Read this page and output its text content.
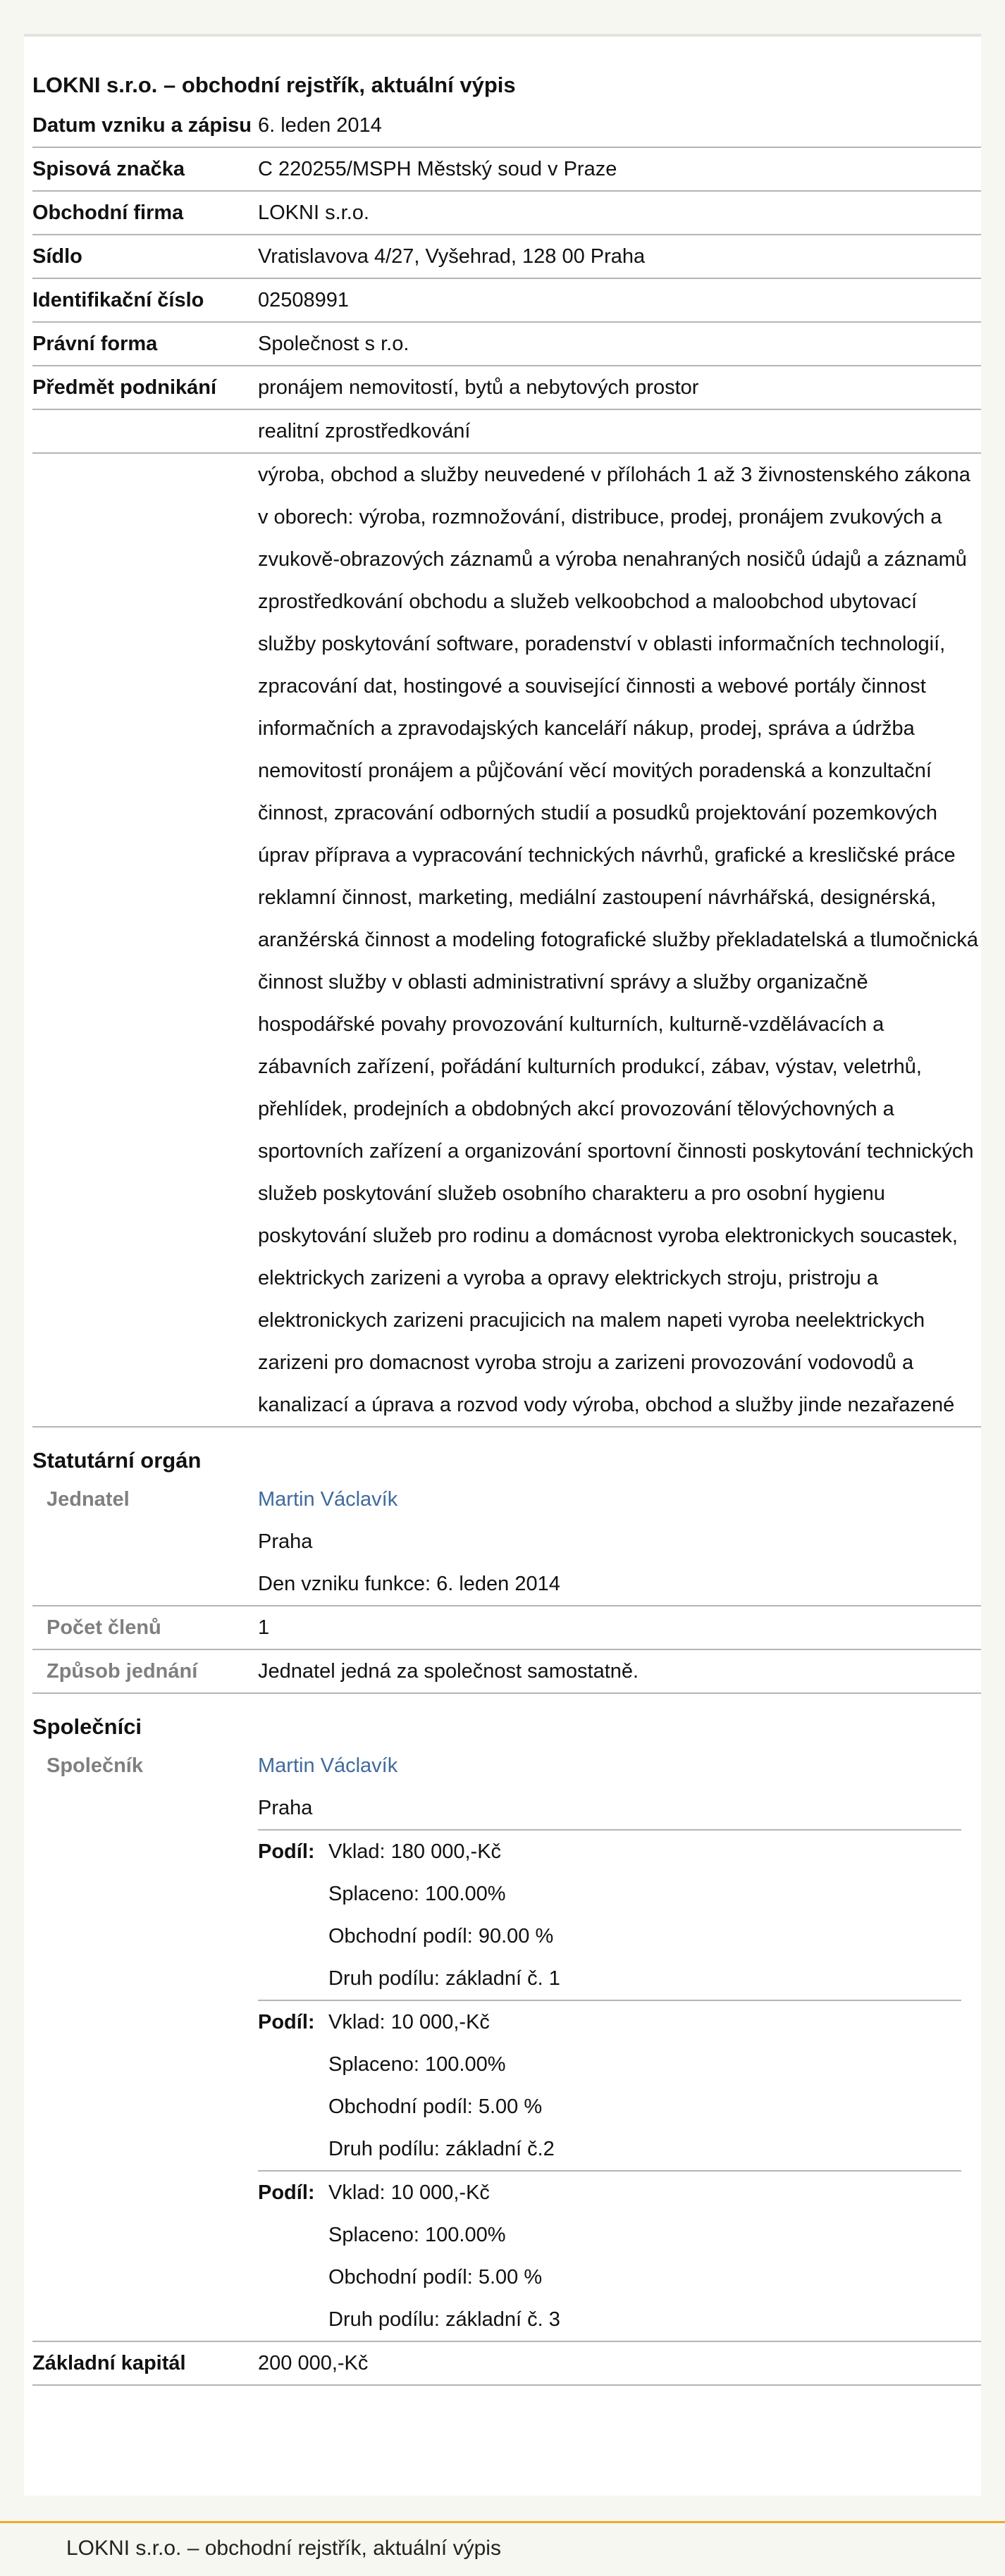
LOKNI s.r.o. – obchodní rejstřík, aktuální výpis
Datum vzniku a zápisu 6. leden 2014
Spisová značka	C 220255/MSPH Městský soud v Praze
Obchodní firma	LOKNI s.r.o.
Sídlo	Vratislavova 4/27, Vyšehrad, 128 00 Praha
Identifikační číslo	02508991
Právní forma	Společnost s r.o.
Předmět podnikání	pronájem nemovitostí, bytů a nebytových prostor
realitní zprostředkování
výroba, obchod a služby neuvedené v přílohách 1 až 3 živnostenského zákona v oborech: výroba, rozmnožování, distribuce, prodej, pronájem zvukových a zvukově-obrazových záznamů a výroba nenahraných nosičů údajů a záznamů zprostředkování obchodu a služeb velkoobchod a maloobchod ubytovací služby poskytování software, poradenství v oblasti informačních technologií, zpracování dat, hostingové a související činnosti a webové portály činnost informačních a zpravodajských kanceláří nákup, prodej, správa a údržba nemovitostí pronájem a půjčování věcí movitých poradenská a konzultační činnost, zpracování odborných studií a posudků projektování pozemkových úprav příprava a vypracování technických návrhů, grafické a kresličské práce reklamní činnost, marketing, mediální zastoupení návrhářská, designérská, aranžérská činnost a modeling fotografické služby překladatelská a tlumočnická činnost služby v oblasti administrativní správy a služby organizačně hospodářské povahy provozování kulturních, kulturně-vzdělávacích a zábavních zařízení, pořádání kulturních produkcí, zábav, výstav, veletrhů, přehlídek, prodejních a obdobných akcí provozování tělovýchovných a sportovních zařízení a organizování sportovní činnosti poskytování technických služeb poskytování služeb osobního charakteru a pro osobní hygienu poskytování služeb pro rodinu a domácnost vyroba elektronickych soucastek, elektrickych zarizeni a vyroba a opravy elektrickych stroju, pristroju a elektronickych zarizeni pracujicich na malem napeti vyroba neelektrickych zarizeni pro domacnost vyroba stroju a zarizeni provozování vodovodů a kanalizací a úprava a rozvod vody výroba, obchod a služby jinde nezařazené
Statutární orgán
Jednatel	Martin Václavík
Praha
Den vzniku funkce: 6. leden 2014
Počet členů	1
Způsob jednání	Jednatel jedná za společnost samostatně.
Společníci
Společník	Martin Václavík
Praha
Podíl: Vklad: 180 000,-Kč
Splaceno: 100.00%
Obchodní podíl: 90.00 %
Druh podílu: základní č. 1
Podíl: Vklad: 10 000,-Kč
Splaceno: 100.00%
Obchodní podíl: 5.00 %
Druh podílu: základní č.2
Podíl: Vklad: 10 000,-Kč
Splaceno: 100.00%
Obchodní podíl: 5.00 %
Druh podílu: základní č. 3
Základní kapitál	200 000,-Kč
LOKNI s.r.o. – obchodní rejstřík, aktuální výpis
